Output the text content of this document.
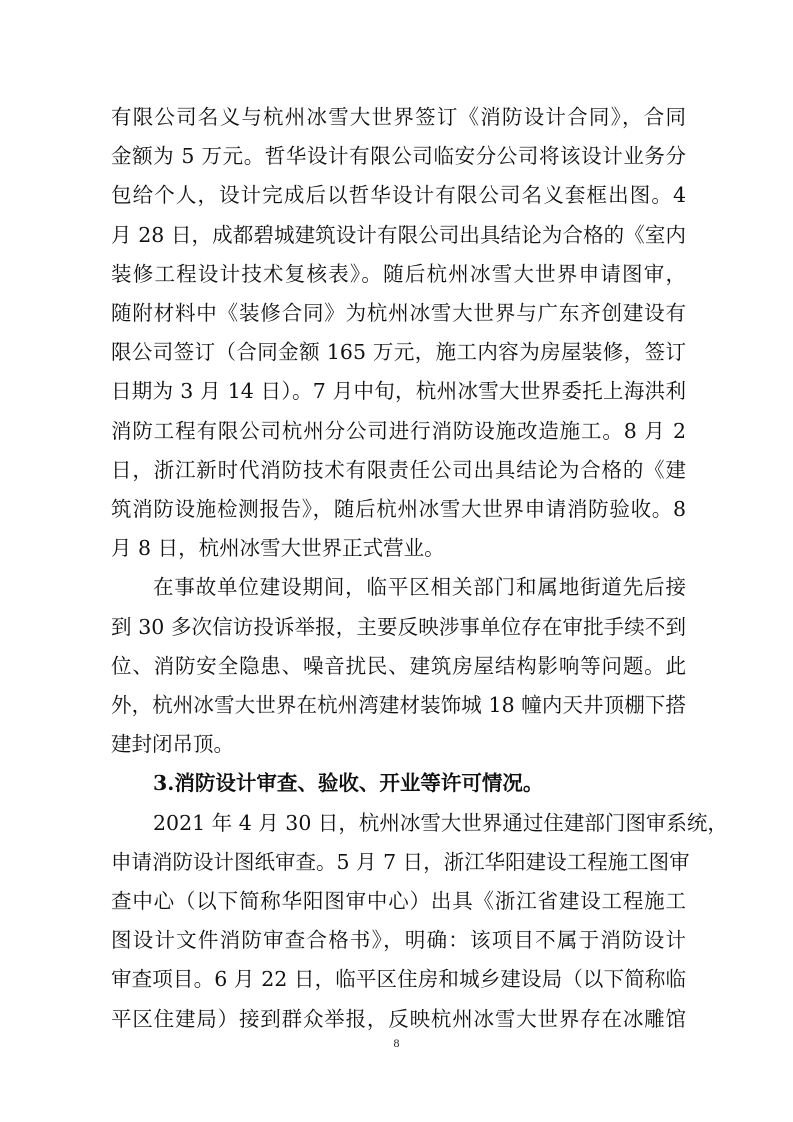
有限公司名义与杭州冰雪大世界签订《消防设计合同》，合同
金额为 5 万元。哲华设计有限公司临安分公司将该设计业务分
包给个人，设计完成后以哲华设计有限公司名义套框出图。4
月 28 日，成都碧城建筑设计有限公司出具结论为合格的《室内
装修工程设计技术复核表》。随后杭州冰雪大世界申请图审，
随附材料中《装修合同》为杭州冰雪大世界与广东齐创建设有
限公司签订（合同金额 165 万元，施工内容为房屋装修，签订
日期为 3 月 14 日）。7 月中旬，杭州冰雪大世界委托上海洪利
消防工程有限公司杭州分公司进行消防设施改造施工。8 月 2
日，浙江新时代消防技术有限责任公司出具结论为合格的《建
筑消防设施检测报告》，随后杭州冰雪大世界申请消防验收。8
月 8 日，杭州冰雪大世界正式营业。
在事故单位建设期间，临平区相关部门和属地街道先后接
到 30 多次信访投诉举报，主要反映涉事单位存在审批手续不到
位、消防安全隐患、噪音扰民、建筑房屋结构影响等问题。此
外，杭州冰雪大世界在杭州湾建材装饰城 18 幢内天井顶棚下搭
建封闭吊顶。
3.消防设计审查、验收、开业等许可情况。
2021 年 4 月 30 日，杭州冰雪大世界通过住建部门图审系统，
申请消防设计图纸审查。5 月 7 日，浙江华阳建设工程施工图审
查中心（以下简称华阳图审中心）出具《浙江省建设工程施工
图设计文件消防审查合格书》，明确：该项目不属于消防设计
审查项目。6 月 22 日，临平区住房和城乡建设局（以下简称临
平区住建局）接到群众举报，反映杭州冰雪大世界存在冰雕馆
8
